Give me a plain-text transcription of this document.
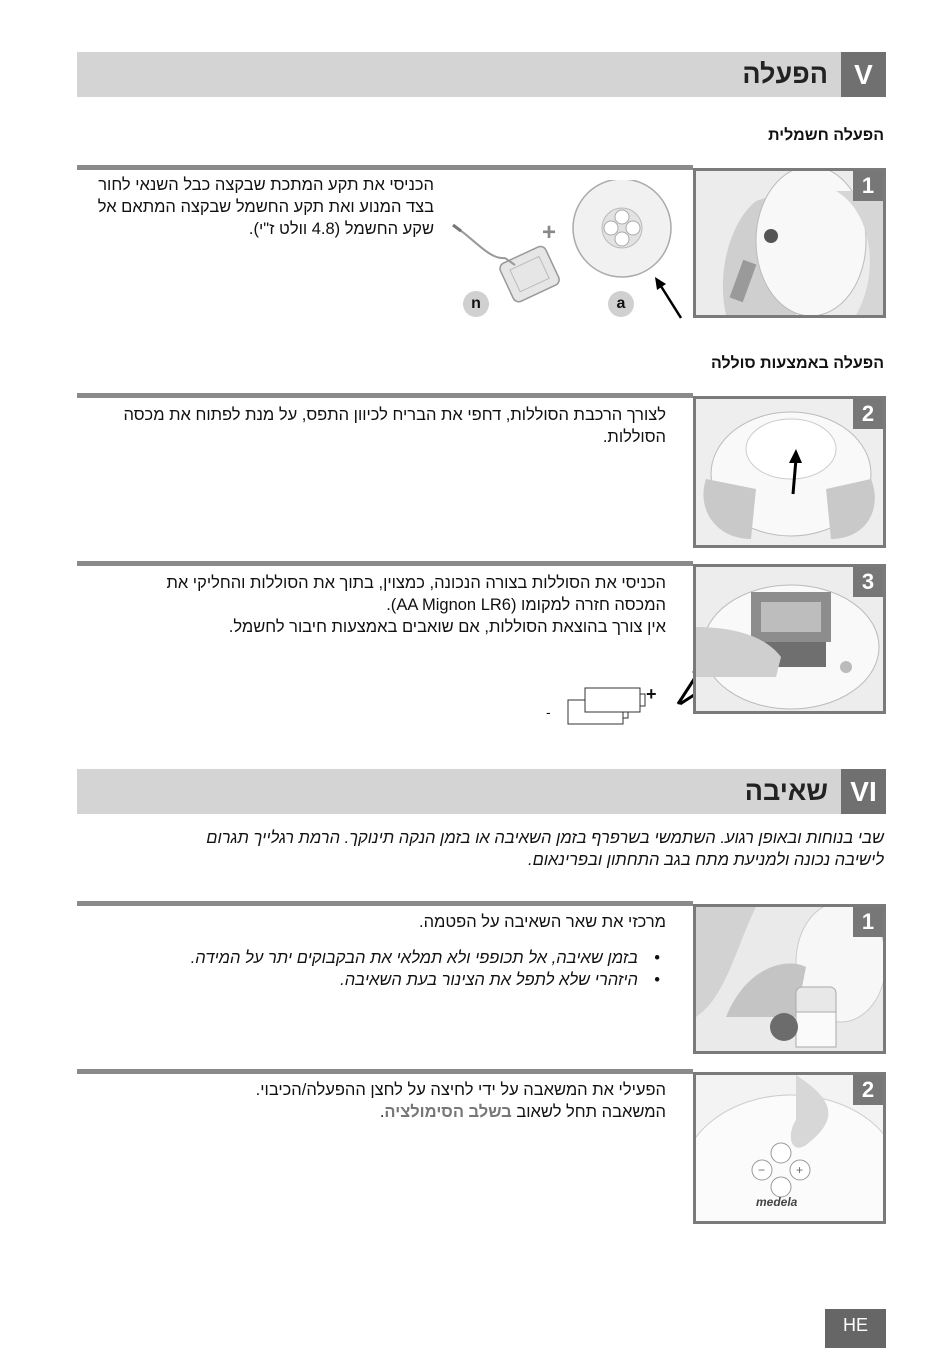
V
הפעלה
הפעלה חשמלית
הכניסי את תקע המתכת שבקצה כבל השנאי לחור בצד המנוע ואת תקע החשמל שבקצה המתאם אל שקע החשמל (4.8 וולט ז"י).	+
n	a
1
הפעלה באמצעות סוללה
לצורך הרכבת הסוללות, דחפי את הבריח לכיוון התפס, על מנת לפתוח את מכסה הסוללות.
2

הכניסי את הסוללות בצורה הנכונה, כמצוין, בתוך את הסוללות והחליקי את

המכסה חזרה למקומו (AA Mignon LR6).

אין צורך בהוצאת הסוללות, אם שואבים באמצעות חיבור לחשמל.

+
-
3
VI
שאיבה

שבי בנוחות ובאופן רגוע. השתמשי בשרפרף בזמן השאיבה או בזמן הנקה תינוקך. הרמת רגלייך תגרום

לישיבה נכונה ולמניעת מתח בגב התחתון ובפרינאום.

מרכזי את שאר השאיבה על הפטמה.

• בזמן שאיבה, אל תכופפי ולא תמלאי את הבקבוקים יתר על המידה.
• היזהרי שלא לתפל את הצינור בעת השאיבה.
1

הפעילי את המשאבה על ידי לחיצה על לחצן ההפעלה/הכיבוי.

המשאבה תחל לשאוב בשלב הסימולציה.

−	+
medela
2
HE
